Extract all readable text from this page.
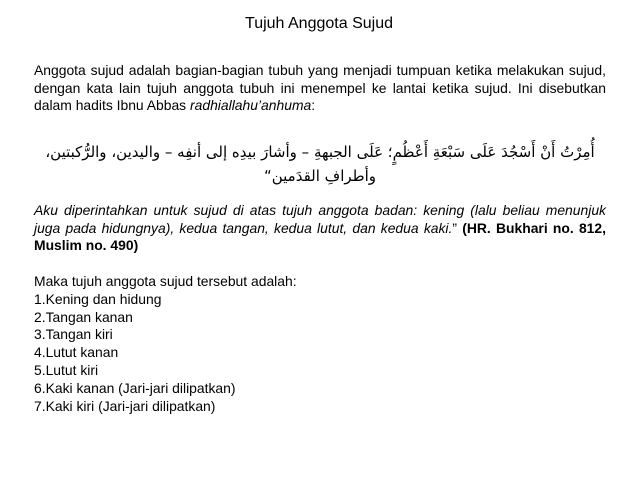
Tujuh Anggota Sujud
Anggota sujud adalah bagian-bagian tubuh yang menjadi tumpuan ketika melakukan sujud, dengan kata lain tujuh anggota tubuh ini menempel ke lantai ketika sujud. Ini disebutkan dalam hadits Ibnu Abbas radhiallahu’anhuma:
أُمِرْتُ أَنْ أَسْجُدَ عَلَى سَبْعَةِ أَعْظُمٍ؛ عَلَى الجبهةِ – وأشارَ بيدِه إلى أنفِه – واليدين، والرُّكبتين،
وأطرافِ القدَمين“
Aku diperintahkan untuk sujud di atas tujuh anggota badan: kening (lalu beliau menunjuk juga pada hidungnya), kedua tangan, kedua lutut, dan kedua kaki.” (HR. Bukhari no. 812, Muslim no. 490)
Maka tujuh anggota sujud tersebut adalah:
1.Kening dan hidung
2.Tangan kanan
3.Tangan kiri
4.Lutut kanan
5.Lutut kiri
6.Kaki kanan (Jari-jari dilipatkan)
7.Kaki kiri (Jari-jari dilipatkan)
